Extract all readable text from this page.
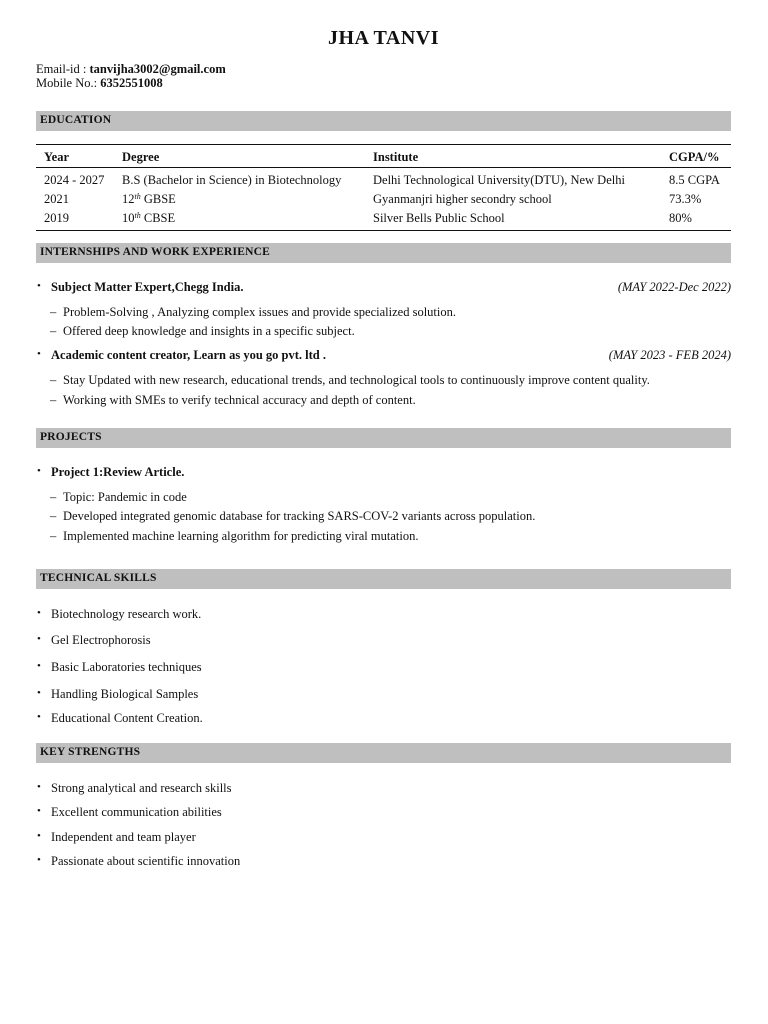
JHA TANVI
Email-id : tanvijha3002@gmail.com
Mobile No.: 6352551008
EDUCATION
Year	Degree	Institute	CGPA/%
2024 - 2027	B.S (Bachelor in Science) in Biotechnology	Delhi Technological University(DTU), New Delhi	8.5 CGPA
2021	12th GBSE	Gyanmanjri higher secondry school	73.3%
2019	10th CBSE	Silver Bells Public School	80%
INTERNSHIPS AND WORK EXPERIENCE
• Subject Matter Expert,Chegg India.	(MAY 2022-Dec 2022)
– Problem-Solving , Analyzing complex issues and provide specialized solution.
– Offered deep knowledge and insights in a specific subject.
• Academic content creator, Learn as you go pvt. ltd .	(MAY 2023 - FEB 2024)
– Stay Updated with new research, educational trends, and technological tools to continuously improve content quality.
– Working with SMEs to verify technical accuracy and depth of content.
PROJECTS
• Project 1:Review Article.
– Topic: Pandemic in code
– Developed integrated genomic database for tracking SARS-COV-2 variants across population.
– Implemented machine learning algorithm for predicting viral mutation.
TECHNICAL SKILLS
• Biotechnology research work.
• Gel Electrophorosis
• Basic Laboratories techniques
• Handling Biological Samples
• Educational Content Creation.
KEY STRENGTHS
• Strong analytical and research skills
• Excellent communication abilities
• Independent and team player
• Passionate about scientific innovation
